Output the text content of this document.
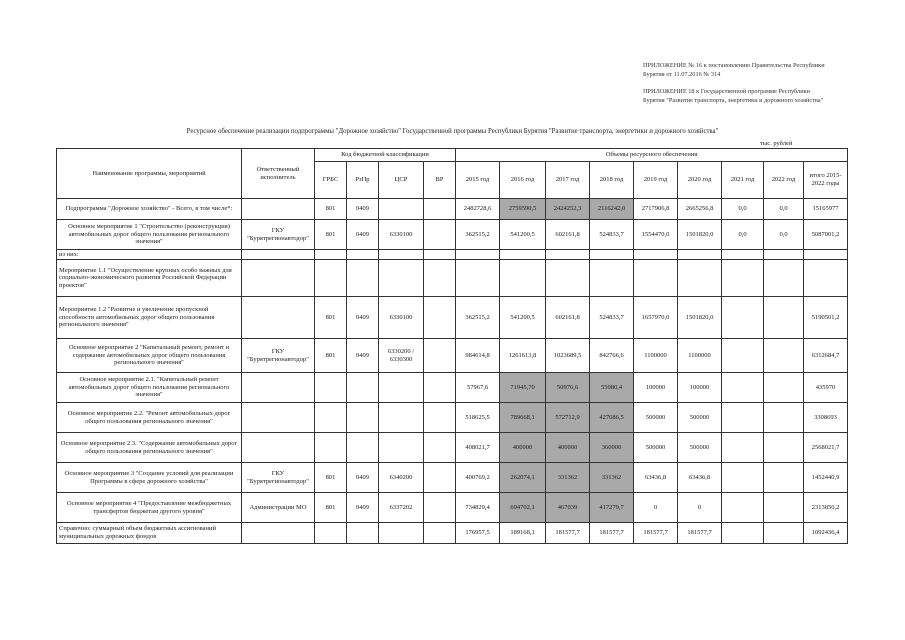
ПРИЛОЖЕНИЕ № 16 к постановлению Правительства Республики
Бурятия от 11.07.2016 № 314
ПРИЛОЖЕНИЕ 18 к Государственной программе Республики
Бурятия "Развитие транспорта, энергетики и дорожного хозяйства"
Ресурсное обеспечение реализации подпрограммы "Дорожное хозяйство" Государственной программы Республики Бурятия "Развитие транспорта, энергетики и дорожного хозяйства"
тыс. рублей
Наименование программы, мероприятий	Ответственный исполнитель	Код бюджетной классификации				Объемы ресурсного обеспечения								
		ГРБС	РзПр	ЦСР	ВР	2015 год	2016 год	2017 год	2018 год	2019 год	2020 год	2021 год	2022 год	итого 2015-2022 годы
Подпрограмма "Дорожное хозяйство" - Всего, в том числе*:		801	0409			2482728,6	2759590,5	2424252,3	2116242,0	2717906,8	2665256,8	0,0	0,0	15165977
Основное мероприятие 1 "Строительство (реконструкция) автомобильных дорог общего пользования регионального значения"	ГКУ "Бурятрегионавтодор"	801	0409	6330100		362515,2	541200,5	602161,8	524833,7	1554470,0	1501820,0	0,0	0,0	5087001,2
из них:														
Мероприятие 1.1 "Осуществление крупных особо важных для социально-экономического развития Российской Федерации проектов"														
Мероприятие 1.2 "Развитие и увеличение пропускной способности автомобильных дорог общего пользования регионального значения"		801	0409	6330100		362515,2	541200,5	602161,8	524833,7	1657970,0	1501820,0			5190501,2
Основное мероприятие 2 "Капитальный ремонт, ремонт и содержание автомобильных дорог общего пользования регионального значения"	ГКУ "Бурятрегионавтодор"	801	0409	6330200 / 6330300		984614,8	1261613,8	1023689,5	842766,6	1100000	1100000			6312684,7
Основное мероприятие 2.1. "Капитальный ремонт автомобильных дорог общего пользования регионального значения"						57967,6	71945,70	50976,6	55080,4	100000	100000			435970
Основное мероприятие 2.2. "Ремонт автомобильных дорог общего пользования регионального значения"						518625,5	789668,1	572712,9	427686,5	500000	500000			3308693
Основное мероприятие 2.3. "Содержание автомобильных дорог общего пользования регионального значения"						408021,7	400000	400000	360000	500000	500000			2568021,7
Основное мероприятие 3 "Создание условий для реализации Программы в сфере дорожного хозяйства"	ГКУ "Бурятрегионавтодор"	801	0409	6340200		400769,2	262074,1	331362	331362	63436,8	63436,8			1452440,9
Основное мероприятие 4 "Предоставление межбюджетных трансфертов бюджетам другого уровня"	Администрации МО	801	0409	6337202		734829,4	694702,1	467039	417279,7	0	0			2313850,2
Справочно: суммарный объем бюджетных ассигнований муниципальных дорожных фондов						176957,5	189168,1	181577,7	181577,7	181577,7	181577,7			1092436,4
